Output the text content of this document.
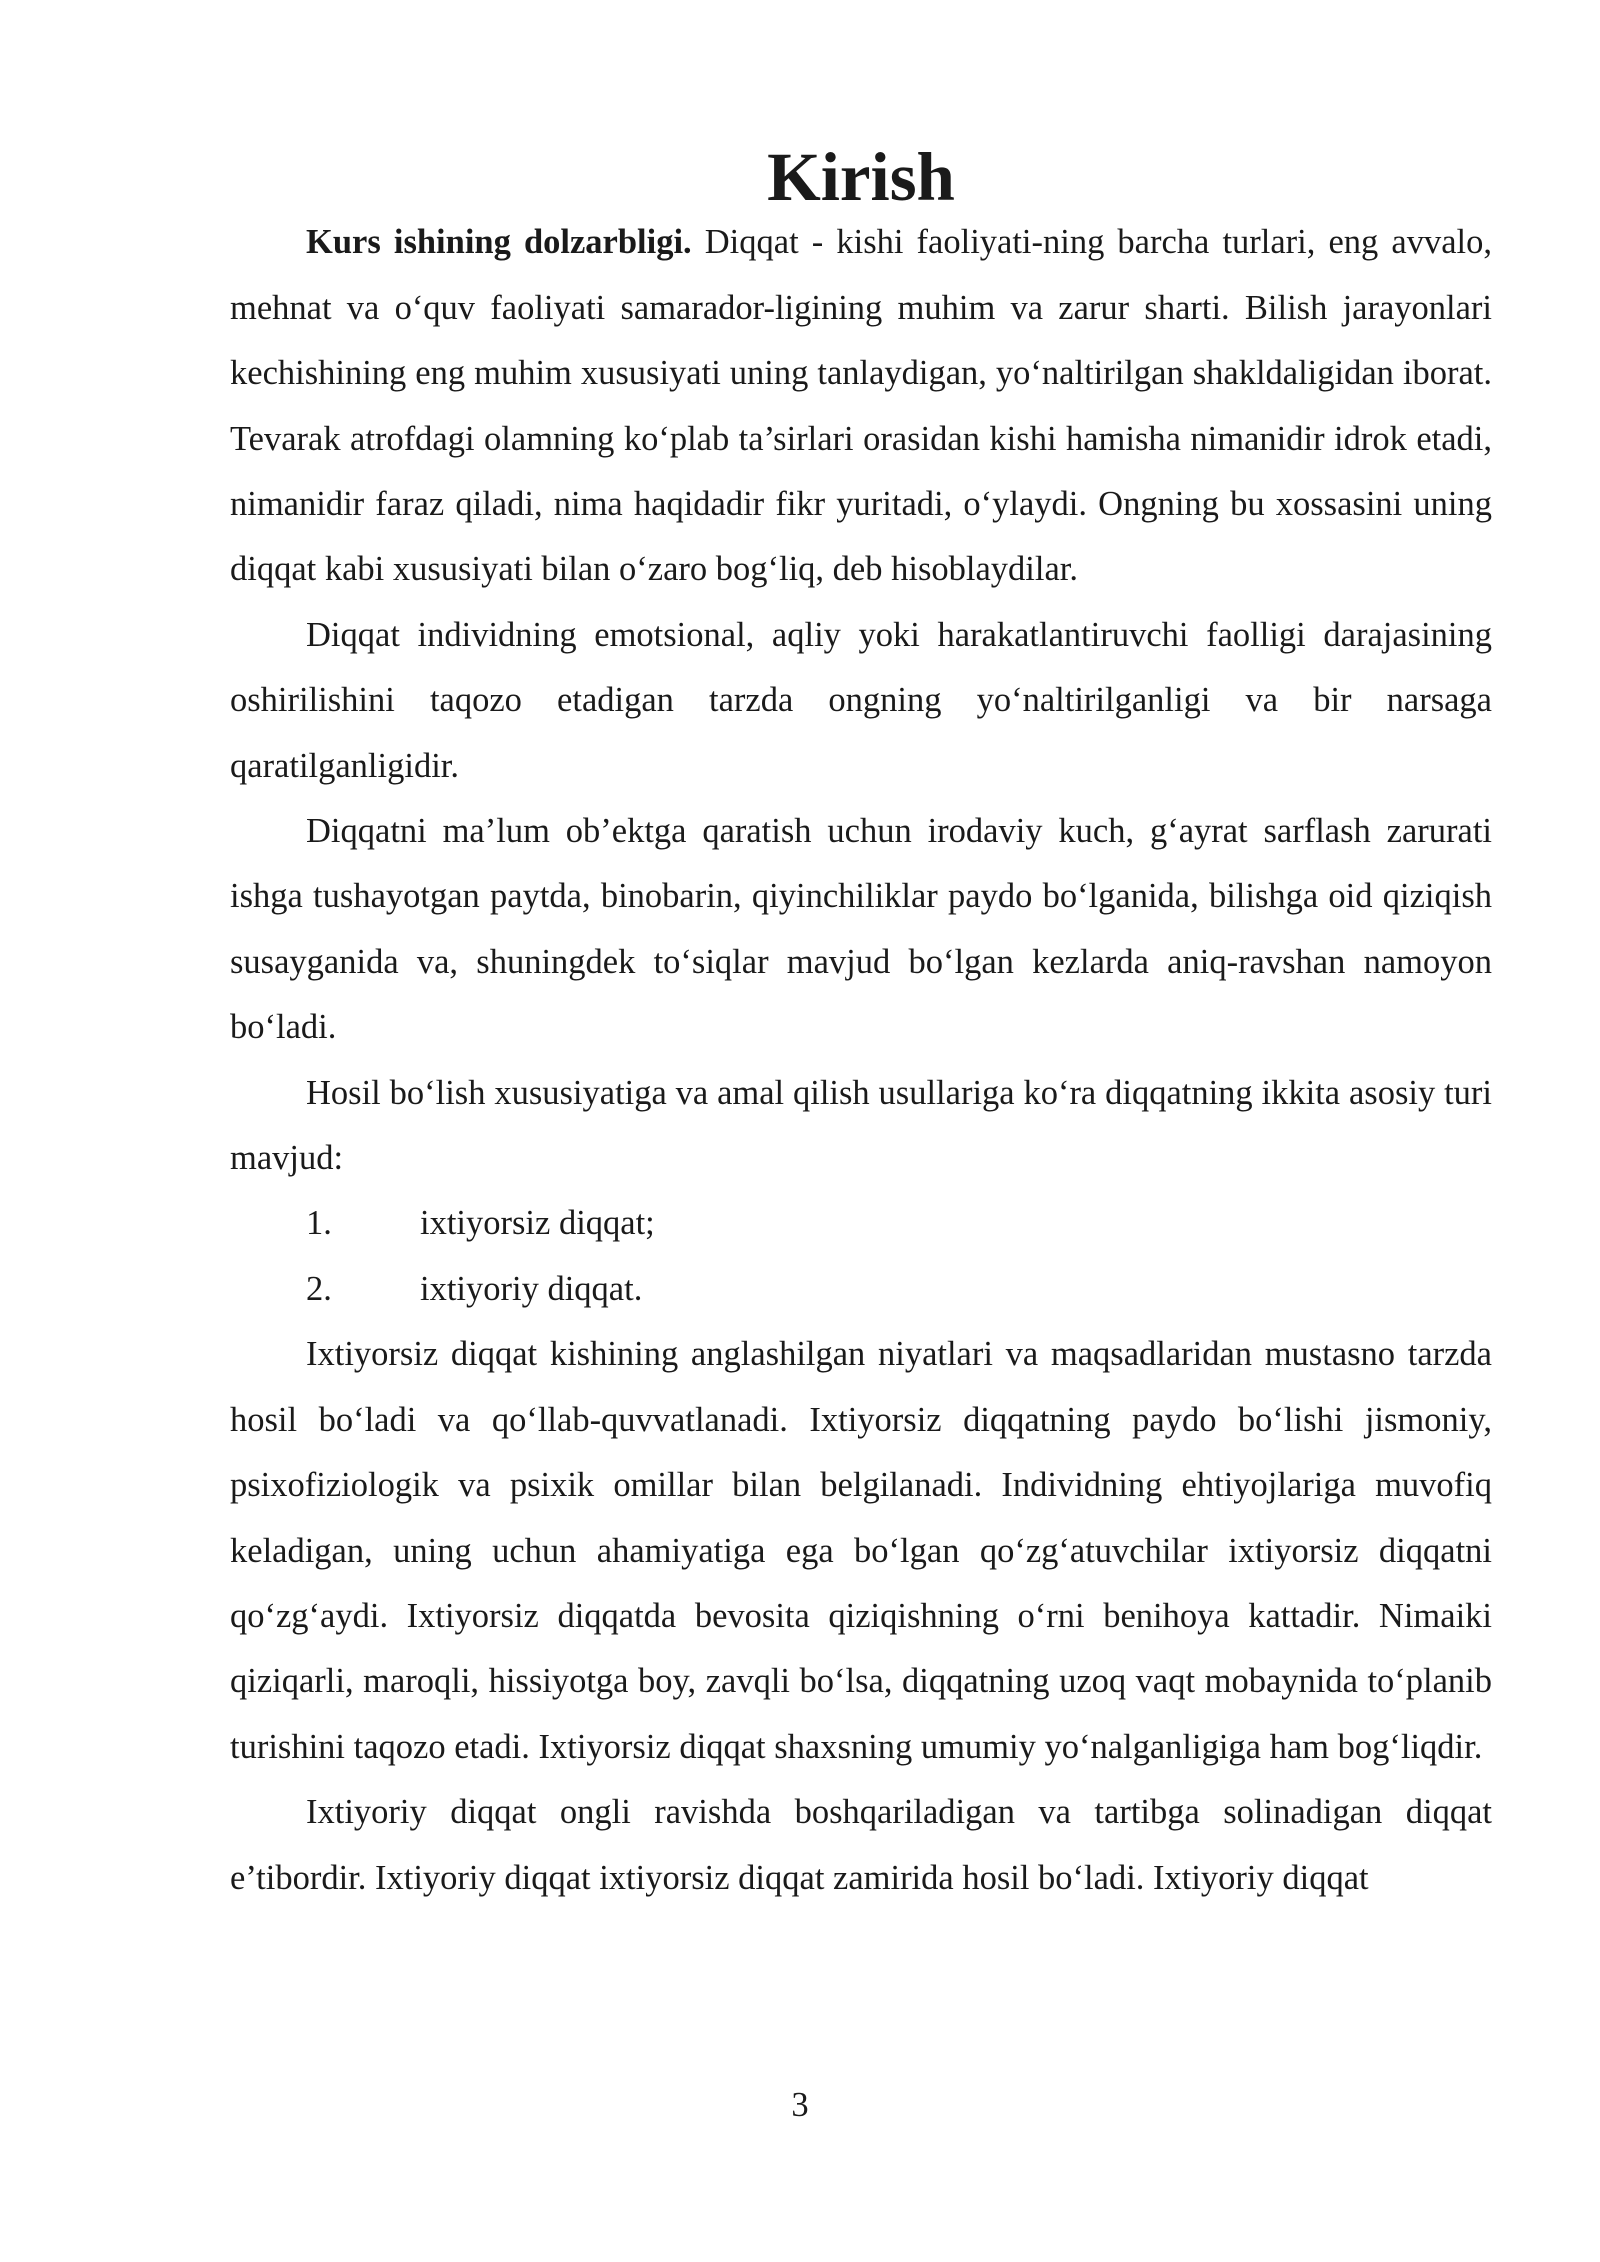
Kirish

Kurs ishining dolzarbligi. Diqqat - kishi faoliyati-ning barcha turlari, eng avvalo, mehnat va o‘quv faoliyati samarador-ligining muhim va zarur sharti. Bilish jarayonlari kechishining eng muhim xususiyati uning tanlaydigan, yo‘naltirilgan shakldaligidan iborat. Tevarak atrofdagi olamning ko‘plab ta’sirlari orasidan kishi hamisha nimanidir idrok etadi, nimanidir faraz qiladi, nima haqidadir fikr yuritadi, o‘ylaydi. Ongning bu xossasini uning diqqat kabi xususiyati bilan o‘zaro bog‘liq, deb hisoblaydilar.

Diqqat individning emotsional, aqliy yoki harakatlantiruvchi faolligi darajasining oshirilishini taqozo etadigan tarzda ongning yo‘naltirilganligi va bir narsaga qaratilganligidir.

Diqqatni ma’lum ob’ektga qaratish uchun irodaviy kuch, g‘ayrat sarflash zarurati ishga tushayotgan paytda, binobarin, qiyinchiliklar paydo bo‘lganida, bilishga oid qiziqish susayganida va, shuningdek to‘siqlar mavjud bo‘lgan kezlarda aniq-ravshan namoyon bo‘ladi.

Hosil bo‘lish xususiyatiga va amal qilish usullariga ko‘ra diqqatning ikkita asosiy turi mavjud:

1.	ixtiyorsiz diqqat;
2.	ixtiyoriy diqqat.

Ixtiyorsiz diqqat kishining anglashilgan niyatlari va maqsadlaridan mustasno tarzda hosil bo‘ladi va qo‘llab-quvvatlanadi. Ixtiyorsiz diqqatning paydo bo‘lishi jismoniy, psixofiziologik va psixik omillar bilan belgilanadi. Individning ehtiyojlariga muvofiq keladigan, uning uchun ahamiyatiga ega bo‘lgan qo‘zg‘atuvchilar ixtiyorsiz diqqatni qo‘zg‘aydi. Ixtiyorsiz diqqatda bevosita qiziqishning o‘rni benihoya kattadir. Nimaiki qiziqarli, maroqli, hissiyotga boy, zavqli bo‘lsa, diqqatning uzoq vaqt mobaynida to‘planib turishini taqozo etadi. Ixtiyorsiz diqqat shaxsning umumiy yo‘nalganligiga ham bog‘liqdir.

Ixtiyoriy diqqat ongli ravishda boshqariladigan va tartibga solinadigan diqqat e’tibordir. Ixtiyoriy diqqat ixtiyorsiz diqqat zamirida hosil bo‘ladi. Ixtiyoriy diqqat

3
